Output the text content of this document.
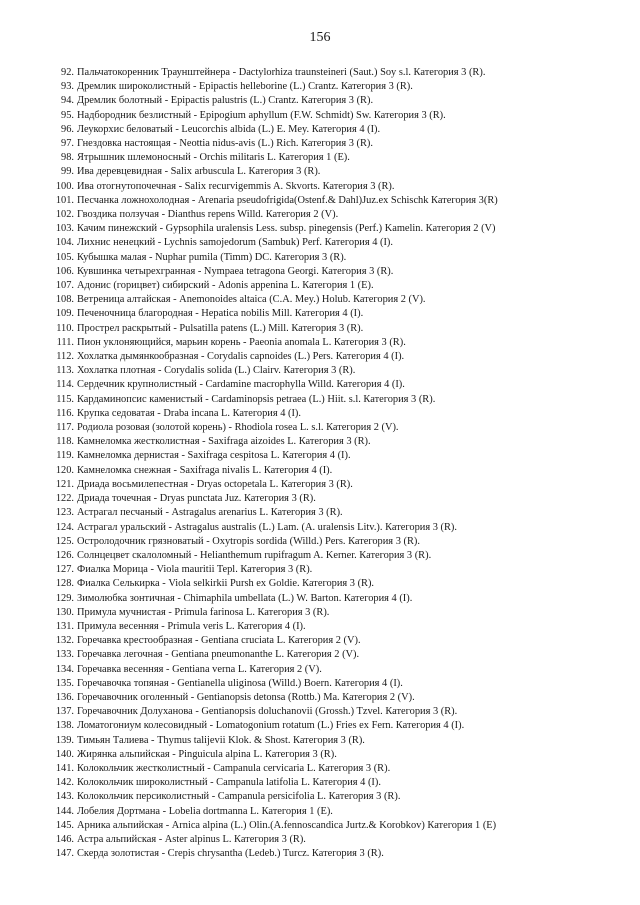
156
92. Пальчатокоренник Траунштейнера - Dactylorhiza traunsteineri (Saut.) Soy s.l. Категория 3 (R).
93. Дремлик широколистный - Epipactis helleborine (L.) Crantz. Категория 3 (R).
94. Дремлик болотный - Epipactis palustris (L.) Crantz. Категория 3 (R).
95. Надбородник безлистный - Epipogium aphyllum (F.W. Schmidt) Sw. Категория 3 (R).
96. Леукорхис беловатый - Leucorchis albida (L.) E. Mey. Категория 4 (I).
97. Гнездовка настоящая - Neottia nidus-avis (L.) Rich. Категория 3 (R).
98. Ятрышник шлемоносный - Orchis militaris L. Категория 1 (E).
99. Ива деревцевидная - Salix arbuscula L. Категория 3 (R).
100. Ива отогнутопочечная - Salix recurvigemmis A. Skvorts. Категория 3 (R).
101. Песчанка ложнохолодная - Arenaria pseudofrigida(Ostenf.& Dahl)Juz.ex Schischk Категория 3(R)
102. Гвоздика ползучая - Dianthus repens Willd. Категория 2 (V).
103. Качим пинежский - Gypsophila uralensis Less. subsp. pinegensis (Perf.) Kamelin. Категория 2 (V)
104. Лихнис ненецкий - Lychnis samojedorum (Sambuk) Perf. Категория 4 (I).
105. Кубышка малая - Nuphar pumila (Timm) DC. Категория 3 (R).
106. Кувшинка четырехгранная - Nympaea tetragona Georgi. Категория 3 (R).
107. Адонис (горицвет) сибирский - Adonis appenina L. Категория 1 (E).
108. Ветреница алтайская - Anemonoides altaica (C.A. Mey.) Holub. Категория 2 (V).
109. Печеночница благородная - Hepatica nobilis Mill. Категория 4 (I).
110. Прострел раскрытый - Pulsatilla patens (L.) Mill. Категория 3 (R).
111. Пион уклоняющийся, марьин корень - Paeonia anomala L. Категория 3 (R).
112. Хохлатка дымянкообразная - Corydalis capnoides (L.) Pers. Категория 4 (I).
113. Хохлатка плотная - Corydalis solida (L.) Clairv. Категория 3 (R).
114. Сердечник крупнолистный - Cardamine macrophylla Willd. Категория 4 (I).
115. Кардаминопсис каменистый - Cardaminopsis petraea (L.) Hiit. s.l. Категория 3 (R).
116. Крупка седоватая - Draba incana L. Категория 4 (I).
117. Родиола розовая (золотой корень) - Rhodiola rosea L. s.l. Категория 2 (V).
118. Камнеломка жестколистная - Saxifraga aizoides L. Категория 3 (R).
119. Камнеломка дернистая - Saxifraga cespitosa L. Категория 4 (I).
120. Камнеломка снежная - Saxifraga nivalis L. Категория 4 (I).
121. Дриада восьмилепестная - Dryas octopetala L. Категория 3 (R).
122. Дриада точечная - Dryas punctata Juz. Категория 3 (R).
123. Астрагал песчаный - Astragalus arenarius L. Категория 3 (R).
124. Астрагал уральский - Astragalus australis (L.) Lam. (A. uralensis Litv.). Категория 3 (R).
125. Остролодочник грязноватый - Oxytropis sordida (Willd.) Pers. Категория 3 (R).
126. Солнцецвет скалоломный - Helianthemum rupifragum A. Kerner. Категория 3 (R).
127. Фиалка Морица - Viola mauritii Tepl. Категория 3 (R).
128. Фиалка Селькирка - Viola selkirkii Pursh ex Goldie. Категория 3 (R).
129. Зимолюбка зонтичная - Chimaphila umbellata (L.) W. Barton. Категория 4 (I).
130. Примула мучнистая - Primula farinosa L. Категория 3 (R).
131. Примула весенняя - Primula veris L. Категория 4 (I).
132. Горечавка крестообразная - Gentiana cruciata L. Категория 2 (V).
133. Горечавка легочная - Gentiana pneumonanthe L. Категория 2 (V).
134. Горечавка весенняя - Gentiana verna L. Категория 2 (V).
135. Горечавочка топяная - Gentianella uliginosa (Willd.) Boern. Категория 4 (I).
136. Горечавочник оголенный - Gentianopsis detonsa (Rottb.) Ma. Категория 2 (V).
137. Горечавочник Долуханова - Gentianopsis doluchanovii (Grossh.) Tzvel. Категория 3 (R).
138. Ломатогониум колесовидный - Lomatogonium rotatum (L.) Fries ex Fern. Категория 4 (I).
139. Тимьян Талиева - Thymus talijevii Klok. & Shost. Категория 3 (R).
140. Жирянка альпийская - Pinguicula alpina L. Категория 3 (R).
141. Колокольчик жестколистный - Campanula cervicaria L. Категория 3 (R).
142. Колокольчик широколистный - Campanula latifolia L. Категория 4 (I).
143. Колокольчик персиколистный - Campanula persicifolia L. Категория 3 (R).
144. Лобелия Дортмана - Lobelia dortmanna L. Категория 1 (E).
145. Арника альпийская - Arnica alpina (L.) Olin.(A.fennoscandica Jurtz.& Korobkov) Категория 1 (E)
146. Астра альпийская - Aster alpinus L. Категория 3 (R).
147. Скерда золотистая - Crepis chrysantha (Ledeb.) Turcz. Категория 3 (R).
